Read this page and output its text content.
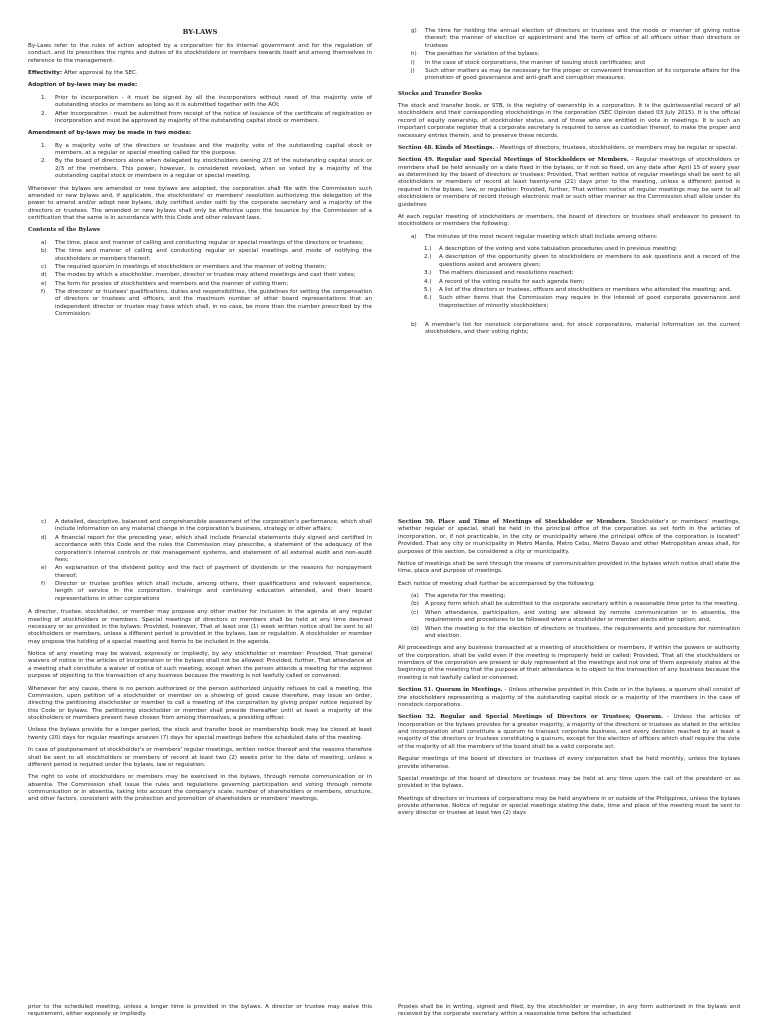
BY-LAWS

By-Laws refer to the rules of action adopted by a corporation for its internal government and for the regulation of conduct, and its prescribes the rights and duties of its stockholders or members towards itself and among themselves in reference to the management.

Effectivity: After approval by the SEC.

Adoption of by-laws may be made:
1.	Prior to incorporation - it must be signed by all the incorporators without need of the majority vote of outstanding stocks or members as long as it is submitted together with the AOI;
2.	After incorporation - must be submitted from receipt of the notice of issuance of the certificate of registration or incorporation and must be approved by majority of the outstanding capital stock or members.
Amendment of by-laws may be made in two modes:
1.	By a majority vote of the directors or trustees and the majority vote of the outstanding capital stock or members, at a regular or special meeting called for the purpose.
2.	By the board of directors alone when delegated by stockholders owning 2/3 of the outstanding capital stock or 2/3 of the members. This power, however, is considered revoked, when so voted by a majority of the outstanding capital stock or members in a regular or special meeting.

Whenever the bylaws are amended or new bylaws are adopted, the corporation shall file with the Commission such amended or new bylaws and, if applicable, the stockholders' or members' resolution authorizing the delegation of the power to amend and/or adopt new bylaws, duly certified under oath by the corporate secretary and a majority of the directors or trustees. The amended or new bylaws shall only be effective upon the issuance by the Commission of a certification that the same is in accordance with this Code and other relevant laws.

Contents of the Bylaws
a)	The time, place and manner of calling and conducting regular or special meetings of the directors or trustees;
b)	The time and manner of calling and conducting regular or special meetings and mode of notifying the stockholders or members thereof;
c)	The required quorum in meetings of stockholders or members and the manner of voting therein;
d)	The modes by which a stockholder, member, director or trustee may attend meetings and cast their votes;
e)	The form for proxies of stockholders and members and the manner of voting them;
f)	The directors' or trustees' qualifications, duties and responsibilities, the guidelines for setting the compensation of directors or trustees and officers, and the maximum number of other board representations that an independent director or trustee may have which shall, in no case, be more than the number prescribed by the Commission;
g)	The time for holding the annual election of directors or trustees and the mode or manner of giving notice thereof; the manner of election or appointment and the term of office of all officers other than directors or trustees
h)	The penalties for violation of the bylaws;
i)	In the case of stock corporations, the manner of issuing stock certificates; and
j)	Such other matters as may be necessary for the proper or convenient transaction of its corporate affairs for the promotion of good governance and anti-graft and corruption measures.
Stocks and Transfer Books

The stock and transfer book, or STB, is the registry of ownership in a corporation. It is the quintessential record of all stockholders and their corresponding stockholdings in the corporation (SEC Opinion dated 03 July 2015). It is the official record of equity ownership, of stockholder status, and of those who are entitled in vote in meetings. It is such an important corporate register that a corporate secretary is required to serve as custodian thereof, to make the proper and necessary entries therein, and to preserve these records.

Section 48. Kinds of Meetings. - Meetings of directors, trustees, stockholders, or members may be regular or special.

Section 49. Regular and Special Meetings of Stockholders or Members. - Regular meetings of stockholders or members shall be held annually on a date fixed in the bylaws, or if not so fixed, on any date after April 15 of every year as determined by the board of directors or trustees: Provided, That written notice of regular meetings shall be sent to all stockholders or members of record at least twenty-one (21) days prior to the meeting, unless a different period is required in the bylaws, law, or regulation: Provided, further, That written notice of regular meetings may be sent to all stockholders or members of record through electronic mail or such other manner as the Commission shall allow under its guidelines

At each regular meeting of stockholders or members, the board of directors or trustees shall endeavor to present to stockholders or members the following:

a)	The minutes of the most recent regular meeting which shall include among others:
1.)	A description of the voting and vote tabulation procedures used in previous meeting:
2.)	A description of the opportunity given to stockholders or members to ask questions and a record of the questions asked and answers given;
3.)	The matters discussed and resolutions reached;
4.)	A record of the voting results for each agenda item;
5.)	A list of the directors or trustees, officers and stockholders or members who attended the meeting; and,
6.)	Such other items that the Commission may require in the interest of good corporate governance and theprotection of minority stockholders;
b)	A member's list for nonstock corporations and, for stock corporations, material information on the current stockholders, and their voting rights;
c)	A detailed, descriptive, balanced and comprehensible assessment of the corporation's performance, which shall include information on any material change in the corporation's business, strategy or other affairs;
d)	A financial report for the preceding year, which shall include financial statements duly signed and certified in accordance with this Code and the rules the Commission may prescribe, a statement of the adequacy of the corporation's internal controls or risk management systems, and statement of all external audit and non-audit fees;
e)	An explanation of the dividend policy and the fact of payment of dividends or the reasons for nonpayment thereof;
f)	Director or trustee profiles which shall include, among others, their qualifications and relevant experience, length of service in the corporation, trainings and continuing education attended, and their board representations in other corporations

A director, trustee, stockholder, or member may propose any other matter for inclusion in the agenda at any regular meeting of stockholders or members. Special meetings of directors or members shall be held at any time deemed necessary or as provided in the bylaws: Provided, however, That at least one (1) week written notice shall be sent to all stockholders or members, unless a different period is provided in the bylaws, law or regulation. A stockholder or member may propose the holding of a special meeting and items to be included in the agenda.

Notice of any meeting may be waived, expressly or impliedly, by any stockholder or member: Provided, That general waivers of notice in the articles of incorporation or the bylaws shall not be allowed: Provided, further, That attendance at a meeting shall constitute a waiver of notice of such meeting, except when the person attends a meeting for the express purpose of objecting to the transaction of any business because the meeting is not lawfully called or convened.

Whenever for any cause, there is no person authorized or the person authorized unjustly refuses to call a meeting, the Commission, upon petition of a stockholder or member on a showing of good cause therefore, may issue an order, directing the petitioning stockholder or member to call a meeting of the corporation by giving proper notice required by this Code or bylaws. The petitioning stockholder or member shall preside thereafter until at least a majority of the stockholders or members present have chosen from among themselves, a presiding officer.

Unless the bylaws provide for a longer period, the stock and transfer book or membership book may be closed at least twenty (20) days for regular meetings arseven (7) days for special meetings before the scheduled date of the meeting.

In case of postponement of stockholder's or members' regular meetings, written notice thereof and the reasons therefore shall be sent to all stockholders or members of record at least two (2) weeks prior to the date of meeting, unless a different period is required under the bylaws, law or regulation.

The right to vote of stockholders or members may be exercised in the bylaws, through remote communication or in absentia. The Commission shall issue the rules and regulations governing participation and voting through remote communication or in absentia, taking into account the company's scale, number of shareholders or members, structure, and other factors, consistent with the protection and promotion of shareholders or members' meetings.

Section 50. Place and Time of Meetings of Stockholder or Members. Stockholder's or members' meetings, whether regular or special, shall be held in the principal office of the corporation as set forth in the articles of incorporation, or, if not practicable, in the city or municipality where the principal office of the corporation is located" Provided, That any city or municipality in Metro Manila, Metro Cebu, Metro Davao and other Metropolitan areas shall, for purposes of this section, be considered a city or municipality.

Notice of meetings shall be sent through the means of communication provided in the bylaws which notice shall state the time, place and purpose of meetings.

Each notice of meeting shall further be accompanied by the following:

(a)	The agenda for the meeting;
(b)	A proxy form which shall be submitted to the corporate secretary within a reasonable time prior to the meeting.
(c)	When attendance, participation, and voting are allowed by remote communication or in absentia, the requirements and procedures to be followed when a stockholder or member elects either option; and,
(d)	When the meeting is for the election of directors or trustees, the requirements and procedure for nomination and election.

All proceedings and any business transacted at a meeting of stockholders or members, if within the powers or authority of the corporation, shall be valid even if the meeting is improperly held or called: Provided, That all the stockholders or members of the corporation are present or duly represented at the meetings and not one of them expressly states at the beginning of the meeting that the purpose of their attendance is to object to the transaction of any business because the meeting is not lawfully called or convened.

Section 51. Quorum in Meetings. - Unless otherwise provided in this Code or in the bylaws, a quorum shall consist of the stockholders representing a majority of the outstanding capital stock or a majority of the members in the case of nonstock corporations.

Section 52. Regular and Special Meetings of Directors or Trustees; Quorum. - Unless the articles of incorporation or the bylaws provides for a greater majority, a majority of the directors or trustees as stated in the articles and incorporation shall constitute a quorum to transact corporate business, and every decision reached by at least a majority of the directors or trustees constituting a quorum, except for the election of officers which shall require the vote of the majority of all the members of the board shall be a valid corporate act.

Regular meetings of the board of directors or trustees of every corporation shall be held monthly, unless the bylaws provide otherwise.

Special meetings of the board of directors or trustees may be held at any time upon the call of the president or as provided in the bylaws.

Meetings of directors or trustees of corporations may be held anywhere in or outside of the Philippines, unless the bylaws provide otherwise. Notice of regular or special meetings stating the date, time and place of the meeting must be sent to every director or trustee at least two (2) days

prior to the scheduled meeting, unless a longer time is provided in the bylaws. A director or trustee may waive this requirement, either expressly or impliedly.

Proxies shall be in writing, signed and filed, by the stockholder or member, in any form authorized in the bylaws and received by the corporate secretary within a reasonable time before the scheduled
